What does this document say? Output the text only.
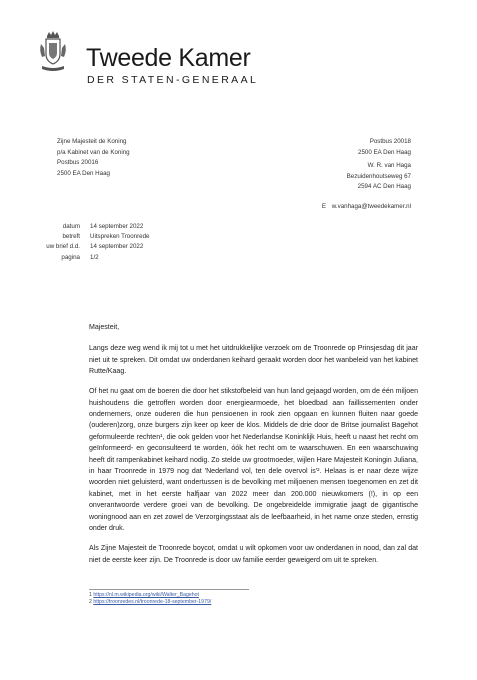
Tweede Kamer
DER STATEN-GENERAAL
Zijne Majesteit de Koning
p/a Kabinet van de Koning
Postbus 20016
2500 EA Den Haag
Postbus 20018
2500 EA Den Haag
W. R. van Haga
Bezuidenhoutseweg 67
2594 AC Den Haag
E w.vanhaga@tweedekamer.nl
datum 14 september 2022
betreft Uitspreken Troonrede
uw brief d.d. 14 september 2022
pagina 1/2

Majesteit,

Langs deze weg wend ik mij tot u met het uitdrukkelijke verzoek om de Troonrede op Prinsjesdag dit jaar niet uit te spreken. Dit omdat uw onderdanen keihard geraakt worden door het wanbeleid van het kabinet Rutte/Kaag.

Of het nu gaat om de boeren die door het stikstofbeleid van hun land gejaagd worden, om de één miljoen huishoudens die getroffen worden door energiearmoede, het bloedbad aan faillissementen onder ondernemers, onze ouderen die hun pensioenen in rook zien opgaan en kunnen fluiten naar goede (ouderen)zorg, onze burgers zijn keer op keer de klos. Middels de drie door de Britse journalist Bagehot geformuleerde rechten¹, die ook gelden voor het Nederlandse Koninklijk Huis, heeft u naast het recht om geïnformeerd- en geconsulteerd te worden, óók het recht om te waarschuwen. En een waarschuwing heeft dit rampenkabinet keihard nodig. Zo stelde uw grootmoeder, wijlen Hare Majesteit Koningin Juliana, in haar Troonrede in 1979 nog dat 'Nederland vol, ten dele overvol is'². Helaas is er naar deze wijze woorden niet geluisterd, want ondertussen is de bevolking met miljoenen mensen toegenomen en zet dit kabinet, met in het eerste halfjaar van 2022 meer dan 200.000 nieuwkomers (!), in op een onverantwoorde verdere groei van de bevolking. De ongebreidelde immigratie jaagt de gigantische woningnood aan en zet zowel de Verzorgingsstaat als de leefbaarheid, in het name onze steden, ernstig onder druk.

Als Zijne Majesteit de Troonrede boycot, omdat u wilt opkomen voor uw onderdanen in nood, dan zal dat niet de eerste keer zijn. De Troonrede is door uw familie eerder geweigerd om uit te spreken.

1 https://nl.m.wikipedia.org/wiki/Walter_Bagehot
2 https://troonredes.nl/troonrede-18-september-1979/
